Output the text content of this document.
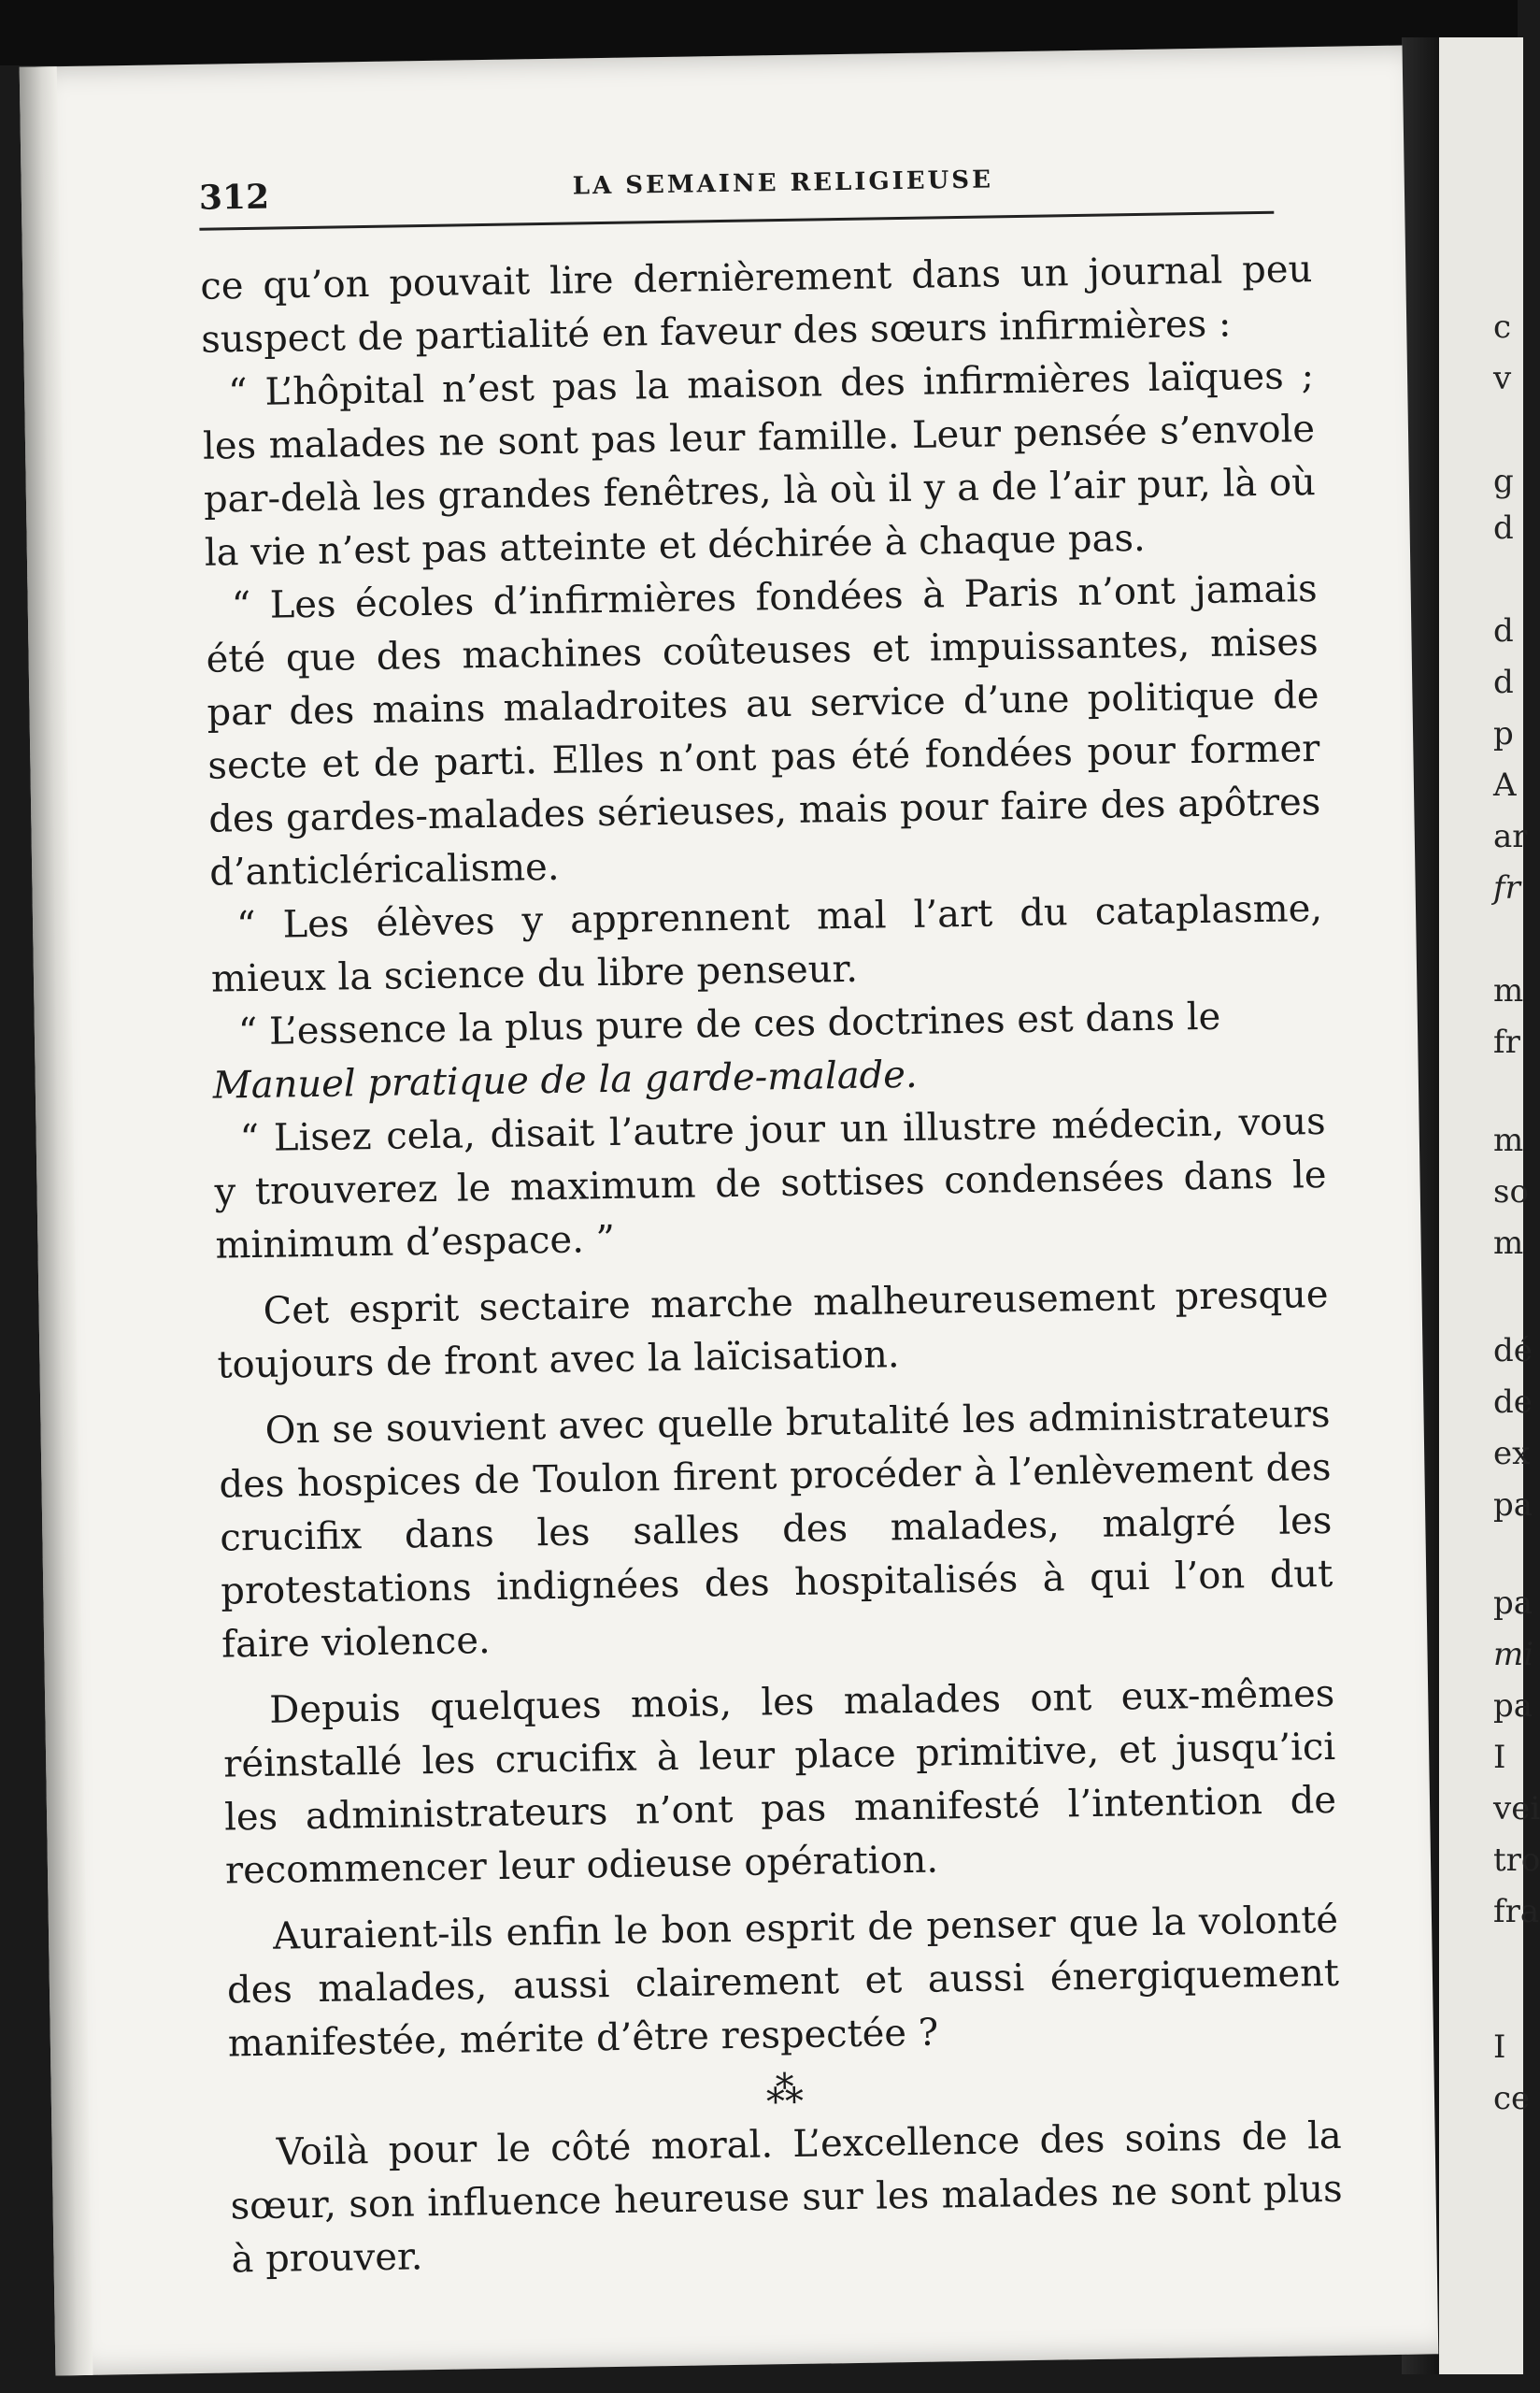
c
v
g
d
d
d
p
A
ar
fr
m
fr
m
so
m
dé
de
ex
pa
pa
mi
pa
I
vei
tro
fra
I
ce
312	LA SEMAINE RELIGIEUSE

ce qu’on pouvait lire dernièrement dans un journal peu suspect de partialité en faveur des sœurs infirmières :

“ L’hôpital n’est pas la maison des infirmières laïques ; les malades ne sont pas leur famille. Leur pensée s’envole par-delà les grandes fenêtres, là où il y a de l’air pur, là où la vie n’est pas atteinte et déchirée à chaque pas.

“ Les écoles d’infirmières fondées à Paris n’ont jamais été que des machines coûteuses et impuissantes, mises par des mains maladroites au service d’une politique de secte et de parti. Elles n’ont pas été fondées pour former des gardes-malades sérieuses, mais pour faire des apôtres d’anticléricalisme.

“ Les élèves y apprennent mal l’art du cataplasme, mieux la science du libre penseur.

“ L’essence la plus pure de ces doctrines est dans le

Manuel pratique de la garde-malade.

“ Lisez cela, disait l’autre jour un illustre médecin, vous y trouverez le maximum de sottises condensées dans le minimum d’espace. ”

Cet esprit sectaire marche malheureusement presque toujours de front avec la laïcisation.

On se souvient avec quelle brutalité les administrateurs des hospices de Toulon firent procéder à l’enlèvement des crucifix dans les salles des malades, malgré les protestations indignées des hospitalisés à qui l’on dut faire violence.

Depuis quelques mois, les malades ont eux-mêmes réinstallé les crucifix à leur place primitive, et jusqu’ici les administrateurs n’ont pas manifesté l’intention de recommencer leur odieuse opération.

Auraient-ils enfin le bon esprit de penser que la volonté des malades, aussi clairement et aussi énergiquement manifestée, mérite d’être respectée ?

⁂

Voilà pour le côté moral. L’excellence des soins de la sœur, son influence heureuse sur les malades ne sont plus à prouver.
